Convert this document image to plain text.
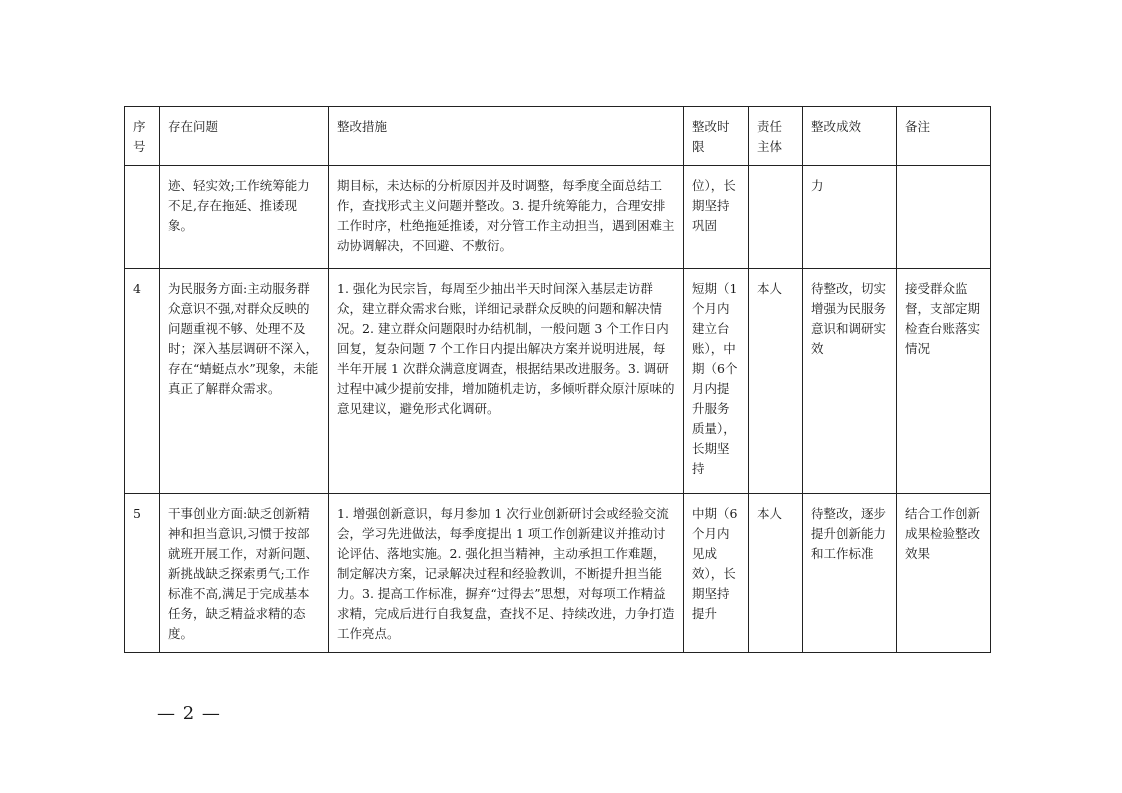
序号	存在问题	整改措施	整改时限	责任主体	整改成效	备注
	迹、轻实效;工作统筹能力不足,存在拖延、推诿现象。	期目标，未达标的分析原因并及时调整，每季度全面总结工作，查找形式主义问题并整改。3. 提升统筹能力，合理安排工作时序，杜绝拖延推诿，对分管工作主动担当，遇到困难主动协调解决，不回避、不敷衍。	位），长期坚持巩固		力	
4	为民服务方面:主动服务群众意识不强,对群众反映的问题重视不够、处理不及时；深入基层调研不深入，存在“蜻蜓点水”现象，未能真正了解群众需求。	1. 强化为民宗旨，每周至少抽出半天时间深入基层走访群众，建立群众需求台账，详细记录群众反映的问题和解决情况。2. 建立群众问题限时办结机制，一般问题 3 个工作日内回复，复杂问题 7 个工作日内提出解决方案并说明进展，每半年开展 1 次群众满意度调查，根据结果改进服务。3. 调研过程中减少提前安排，增加随机走访，多倾听群众原汁原味的意见建议，避免形式化调研。	短期（1个月内建立台账），中期（6个月内提升服务质量），长期坚持	本人	待整改，切实增强为民服务意识和调研实效	接受群众监督，支部定期检查台账落实情况
5	干事创业方面:缺乏创新精神和担当意识,习惯于按部就班开展工作，对新问题、新挑战缺乏探索勇气;工作标准不高,满足于完成基本任务，缺乏精益求精的态度。	1. 增强创新意识，每月参加 1 次行业创新研讨会或经验交流会，学习先进做法，每季度提出 1 项工作创新建议并推动讨论评估、落地实施。2. 强化担当精神，主动承担工作难题，制定解决方案，记录解决过程和经验教训，不断提升担当能力。3. 提高工作标准，摒弃“过得去”思想，对每项工作精益求精，完成后进行自我复盘，查找不足、持续改进，力争打造工作亮点。	中期（6个月内见成效），长期坚持提升	本人	待整改，逐步提升创新能力和工作标准	结合工作创新成果检验整改效果
— 2 —
